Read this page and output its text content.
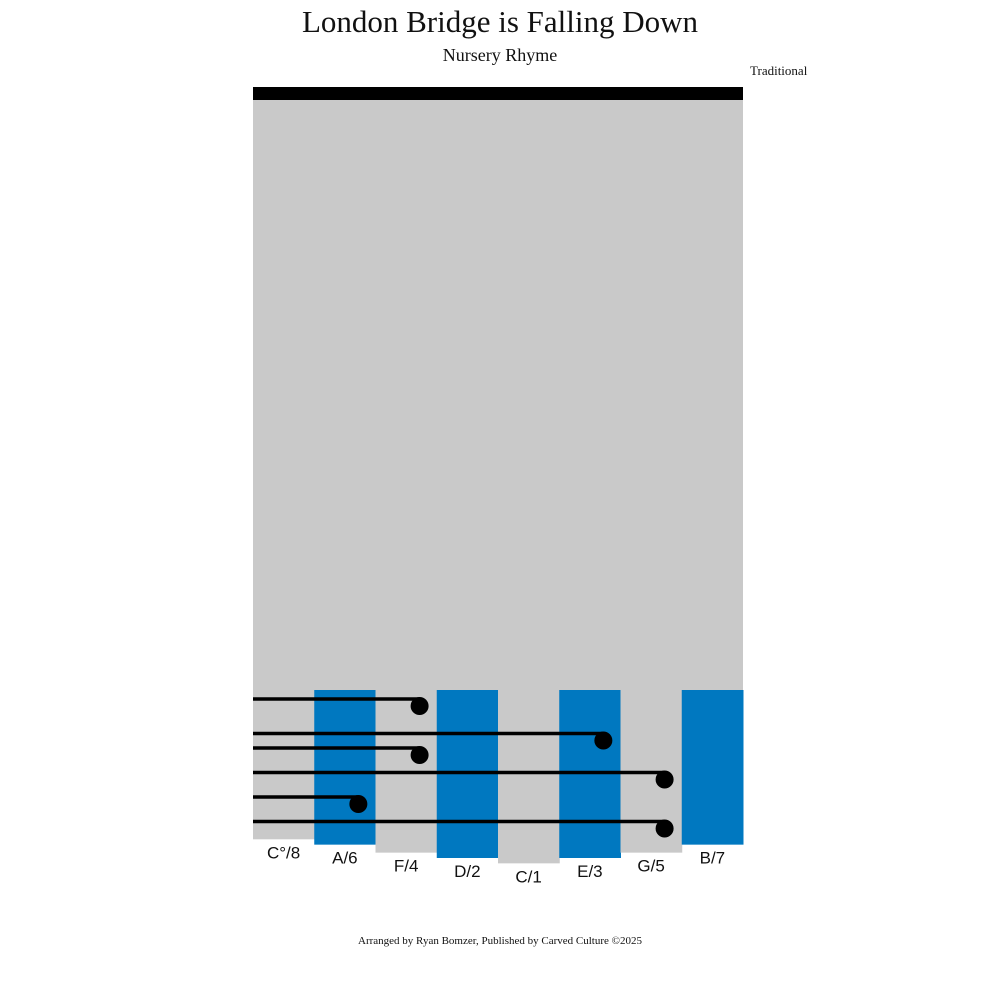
London Bridge is Falling Down
Nursery Rhyme
Traditional
C°/8 A/6 F/4 D/2 C/1 E/3 G/5 B/7
Arranged by Ryan Bomzer, Published by Carved Culture ©2025
